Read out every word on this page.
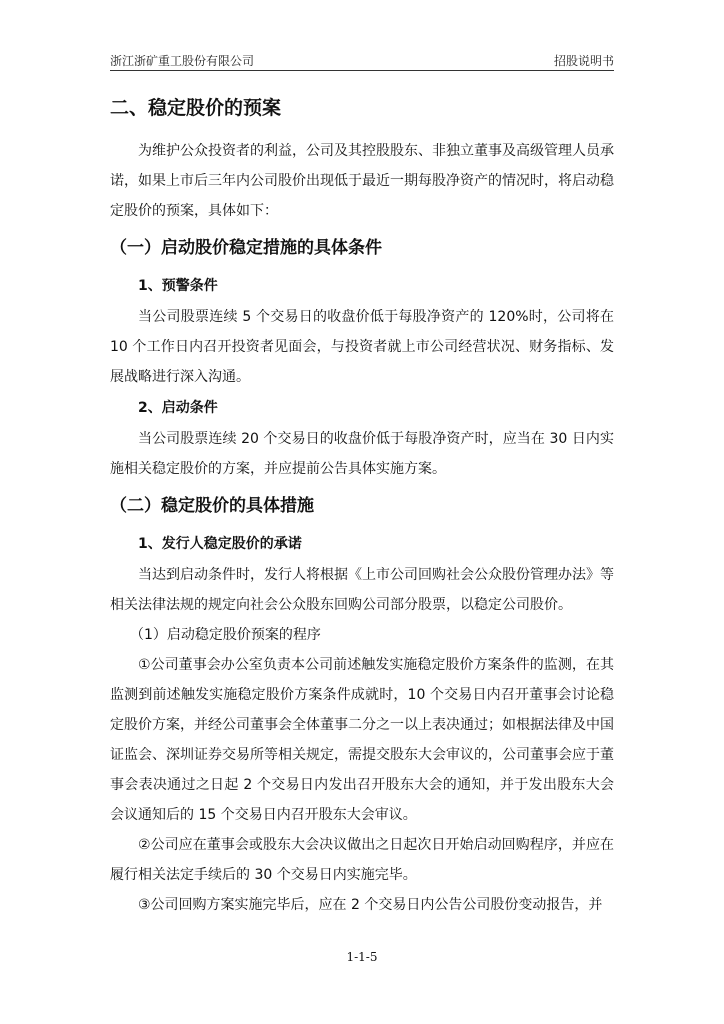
浙江浙矿重工股份有限公司	招股说明书
二、稳定股价的预案

为维护公众投资者的利益，公司及其控股股东、非独立董事及高级管理人员承诺，如果上市后三年内公司股价出现低于最近一期每股净资产的情况时，将启动稳定股价的预案，具体如下：

（一）启动股价稳定措施的具体条件
1、预警条件

当公司股票连续 5 个交易日的收盘价低于每股净资产的 120%时，公司将在 10 个工作日内召开投资者见面会，与投资者就上市公司经营状况、财务指标、发展战略进行深入沟通。

2、启动条件

当公司股票连续 20 个交易日的收盘价低于每股净资产时，应当在 30 日内实施相关稳定股价的方案，并应提前公告具体实施方案。

（二）稳定股价的具体措施
1、发行人稳定股价的承诺

当达到启动条件时，发行人将根据《上市公司回购社会公众股份管理办法》等相关法律法规的规定向社会公众股东回购公司部分股票，以稳定公司股价。

（1）启动稳定股价预案的程序

①公司董事会办公室负责本公司前述触发实施稳定股价方案条件的监测，在其监测到前述触发实施稳定股价方案条件成就时，10 个交易日内召开董事会讨论稳定股价方案，并经公司董事会全体董事二分之一以上表决通过；如根据法律及中国证监会、深圳证券交易所等相关规定，需提交股东大会审议的，公司董事会应于董事会表决通过之日起 2 个交易日内发出召开股东大会的通知，并于发出股东大会会议通知后的 15 个交易日内召开股东大会审议。

②公司应在董事会或股东大会决议做出之日起次日开始启动回购程序，并应在履行相关法定手续后的 30 个交易日内实施完毕。

③公司回购方案实施完毕后，应在 2 个交易日内公告公司股份变动报告，并

1-1-5
